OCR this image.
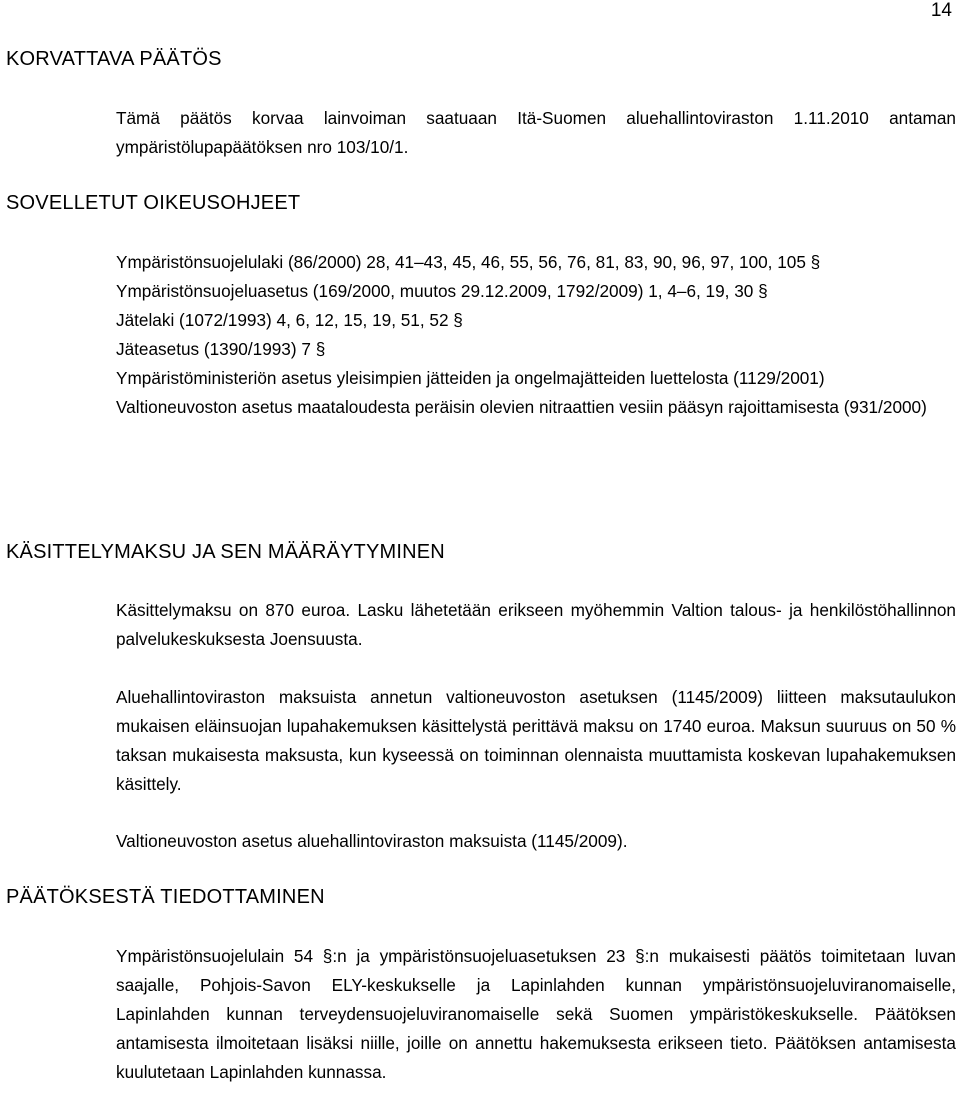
14
KORVATTAVA PÄÄTÖS

Tämä päätös korvaa lainvoiman saatuaan Itä-Suomen aluehallintoviraston 1.11.2010 antaman ympäristölupapäätöksen nro 103/10/1.

SOVELLETUT OIKEUSOHJEET
Ympäristönsuojelulaki (86/2000) 28, 41–43, 45, 46, 55, 56, 76, 81, 83, 90, 96, 97, 100, 105 §
Ympäristönsuojeluasetus (169/2000, muutos 29.12.2009, 1792/2009) 1, 4–6, 19, 30 §
Jätelaki (1072/1993) 4, 6, 12, 15, 19, 51, 52 §
Jäteasetus (1390/1993) 7 §
Ympäristöministeriön asetus yleisimpien jätteiden ja ongelmajätteiden luettelosta (1129/2001)
Valtioneuvoston asetus maataloudesta peräisin olevien nitraattien vesiin pääsyn rajoittamisesta (931/2000)
KÄSITTELYMAKSU JA SEN MÄÄRÄYTYMINEN

Käsittelymaksu on 870 euroa. Lasku lähetetään erikseen myöhemmin Valtion talous- ja henkilöstöhallinnon palvelukeskuksesta Joensuusta.

Aluehallintoviraston maksuista annetun valtioneuvoston asetuksen (1145/2009) liitteen maksutaulukon mukaisen eläinsuojan lupahakemuksen käsittelystä perittävä maksu on 1740 euroa. Maksun suuruus on 50 % taksan mukaisesta maksusta, kun kyseessä on toiminnan olennaista muuttamista koskevan lupahakemuksen käsittely.

Valtioneuvoston asetus aluehallintoviraston maksuista (1145/2009).

PÄÄTÖKSESTÄ TIEDOTTAMINEN

Ympäristönsuojelulain 54 §:n ja ympäristönsuojeluasetuksen 23 §:n mukaisesti päätös toimitetaan luvan saajalle, Pohjois-Savon ELY-keskukselle ja Lapinlahden kunnan ympäristönsuojeluviranomaiselle, Lapinlahden kunnan terveydensuojeluviranomaiselle sekä Suomen ympäristökeskukselle. Päätöksen antamisesta ilmoitetaan lisäksi niille, joille on annettu hakemuksesta erikseen tieto. Päätöksen antamisesta kuulutetaan Lapinlahden kunnassa.
